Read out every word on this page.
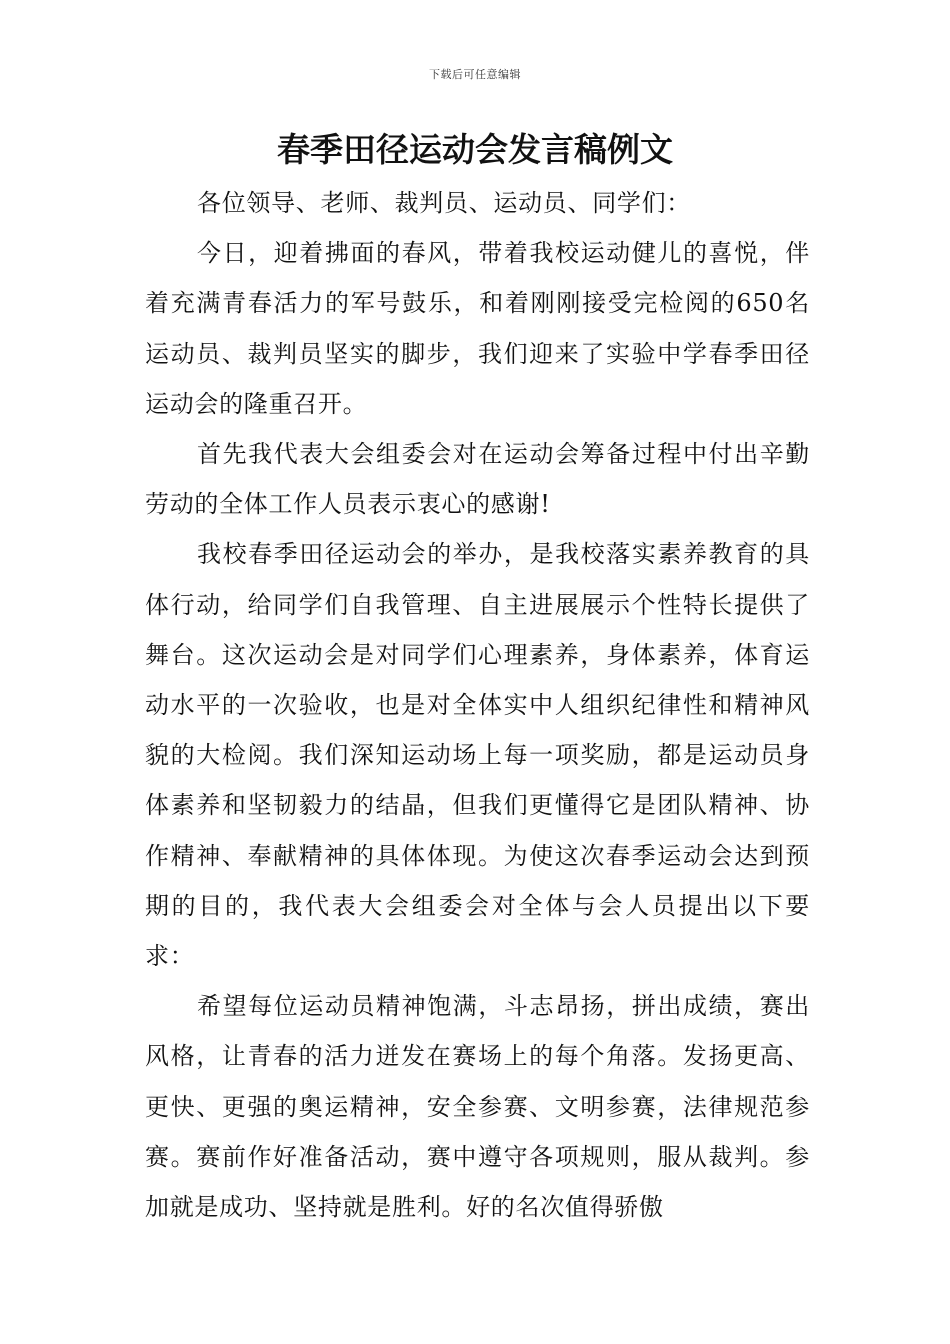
下载后可任意编辑
春季田径运动会发言稿例文

各位领导、老师、裁判员、运动员、同学们：

今日，迎着拂面的春风，带着我校运动健儿的喜悦，伴着充满青春活力的军号鼓乐，和着刚刚接受完检阅的650名运动员、裁判员坚实的脚步，我们迎来了实验中学春季田径运动会的隆重召开。

首先我代表大会组委会对在运动会筹备过程中付出辛勤劳动的全体工作人员表示衷心的感谢!

我校春季田径运动会的举办，是我校落实素养教育的具体行动，给同学们自我管理、自主进展展示个性特长提供了舞台。这次运动会是对同学们心理素养，身体素养，体育运动水平的一次验收，也是对全体实中人组织纪律性和精神风貌的大检阅。我们深知运动场上每一项奖励，都是运动员身体素养和坚韧毅力的结晶，但我们更懂得它是团队精神、协作精神、奉献精神的具体体现。为使这次春季运动会达到预期的目的，我代表大会组委会对全体与会人员提出以下要求：

希望每位运动员精神饱满，斗志昂扬，拼出成绩，赛出风格，让青春的活力迸发在赛场上的每个角落。发扬更高、更快、更强的奥运精神，安全参赛、文明参赛，法律规范参赛。赛前作好准备活动，赛中遵守各项规则，服从裁判。参加就是成功、坚持就是胜利。好的名次值得骄傲
